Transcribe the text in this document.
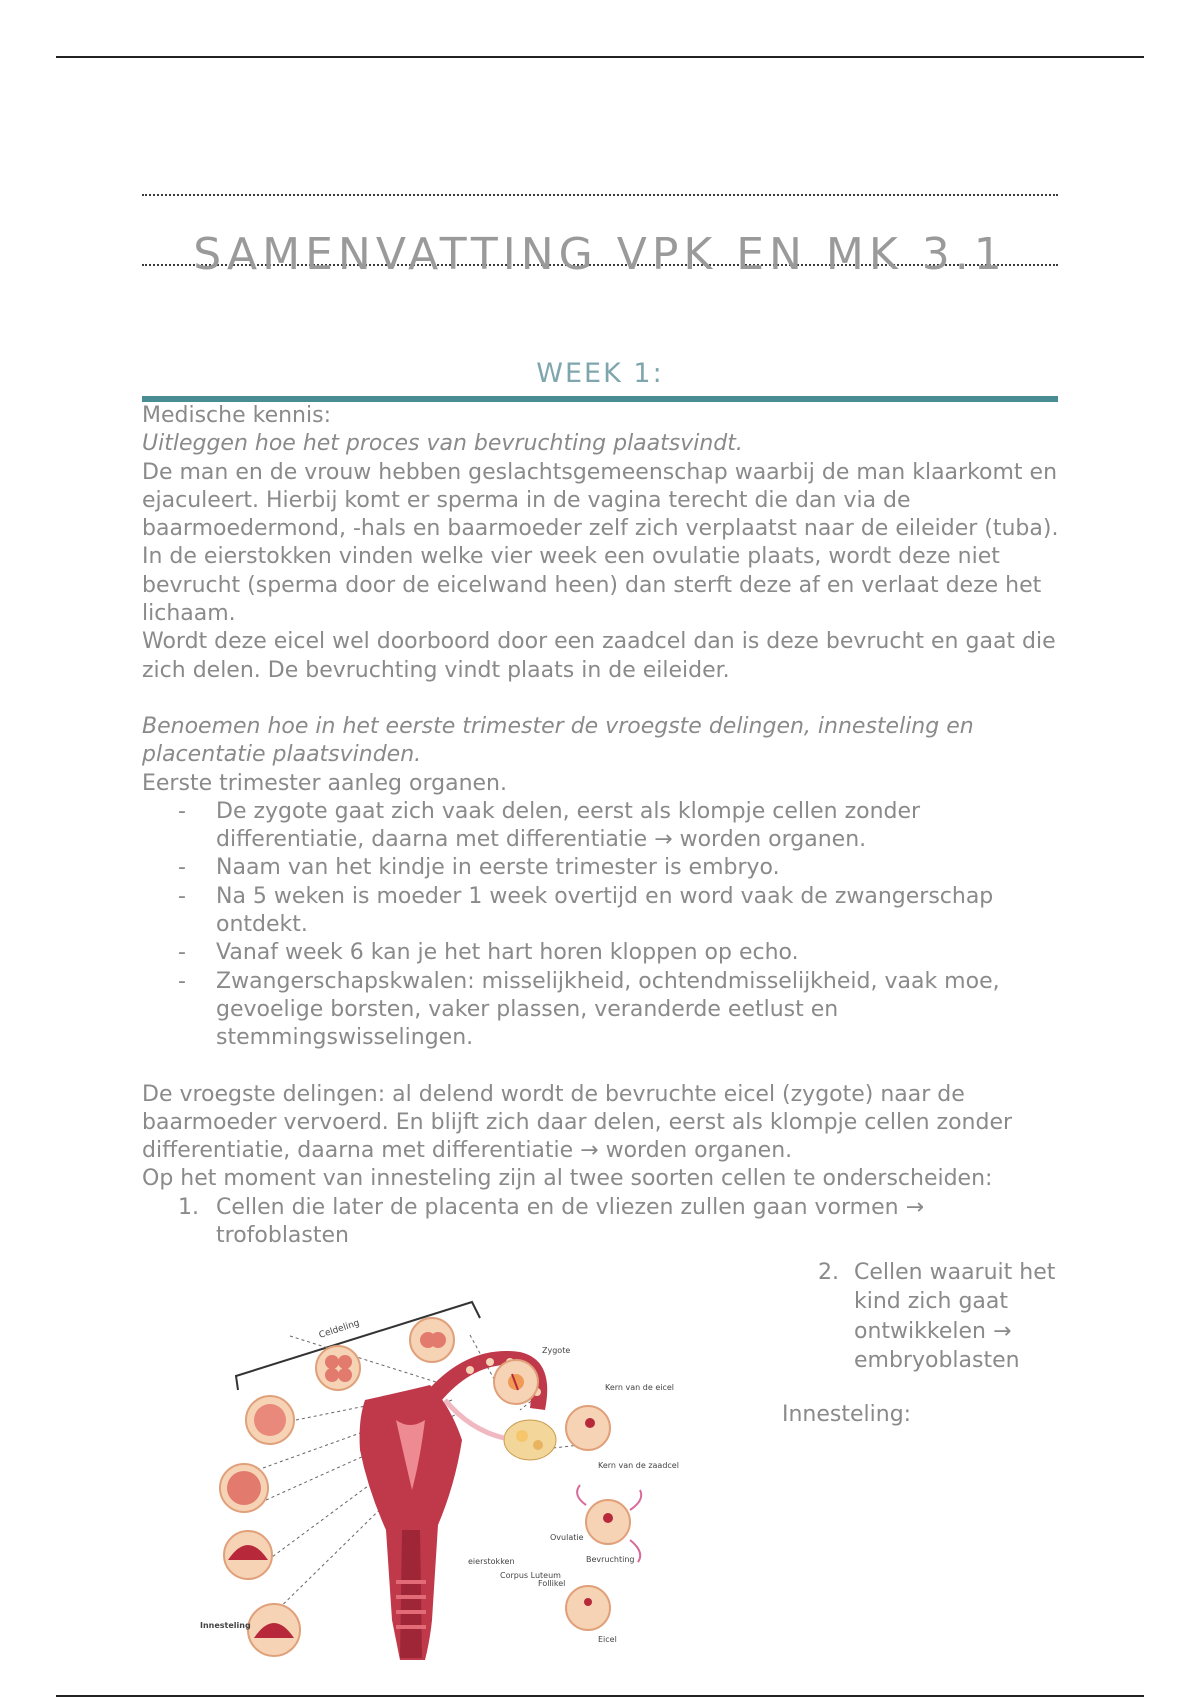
SAMENVATTING VPK EN MK 3.1
WEEK 1:

Medische kennis:

Uitleggen hoe het proces van bevruchting plaatsvindt.

De man en de vrouw hebben geslachtsgemeenschap waarbij de man klaarkomt en ejaculeert. Hierbij komt er sperma in de vagina terecht die dan via de baarmoedermond, -hals en baarmoeder zelf zich verplaatst naar de eileider (tuba). In de eierstokken vinden welke vier week een ovulatie plaats, wordt deze niet bevrucht (sperma door de eicelwand heen) dan sterft deze af en verlaat deze het lichaam.

Wordt deze eicel wel doorboord door een zaadcel dan is deze bevrucht en gaat die zich delen. De bevruchting vindt plaats in de eileider.

Benoemen hoe in het eerste trimester de vroegste delingen, innesteling en placentatie plaatsvinden.

Eerste trimester aanleg organen.

- De zygote gaat zich vaak delen, eerst als klompje cellen zonder differentiatie, daarna met differentiatie → worden organen.
- Naam van het kindje in eerste trimester is embryo.
- Na 5 weken is moeder 1 week overtijd en word vaak de zwangerschap ontdekt.
- Vanaf week 6 kan je het hart horen kloppen op echo.
- Zwangerschapskwalen: misselijkheid, ochtendmisselijkheid, vaak moe, gevoelige borsten, vaker plassen, veranderde eetlust en stemmingswisselingen.

De vroegste delingen: al delend wordt de bevruchte eicel (zygote) naar de baarmoeder vervoerd. En blijft zich daar delen, eerst als klompje cellen zonder differentiatie, daarna met differentiatie → worden organen.

Op het moment van innesteling zijn al twee soorten cellen te onderscheiden:

1. Cellen die later de placenta en de vliezen zullen gaan vormen → trofoblasten
2. Cellen waaruit het kind zich gaat ontwikkelen → embryoblasten
Innesteling:
Celdeling
Zygote
Kern van de eicel
Kern van de zaadcel
Ovulatie
Bevruchting
eierstokken
Corpus Luteum
Follikel
Eicel
Innesteling
